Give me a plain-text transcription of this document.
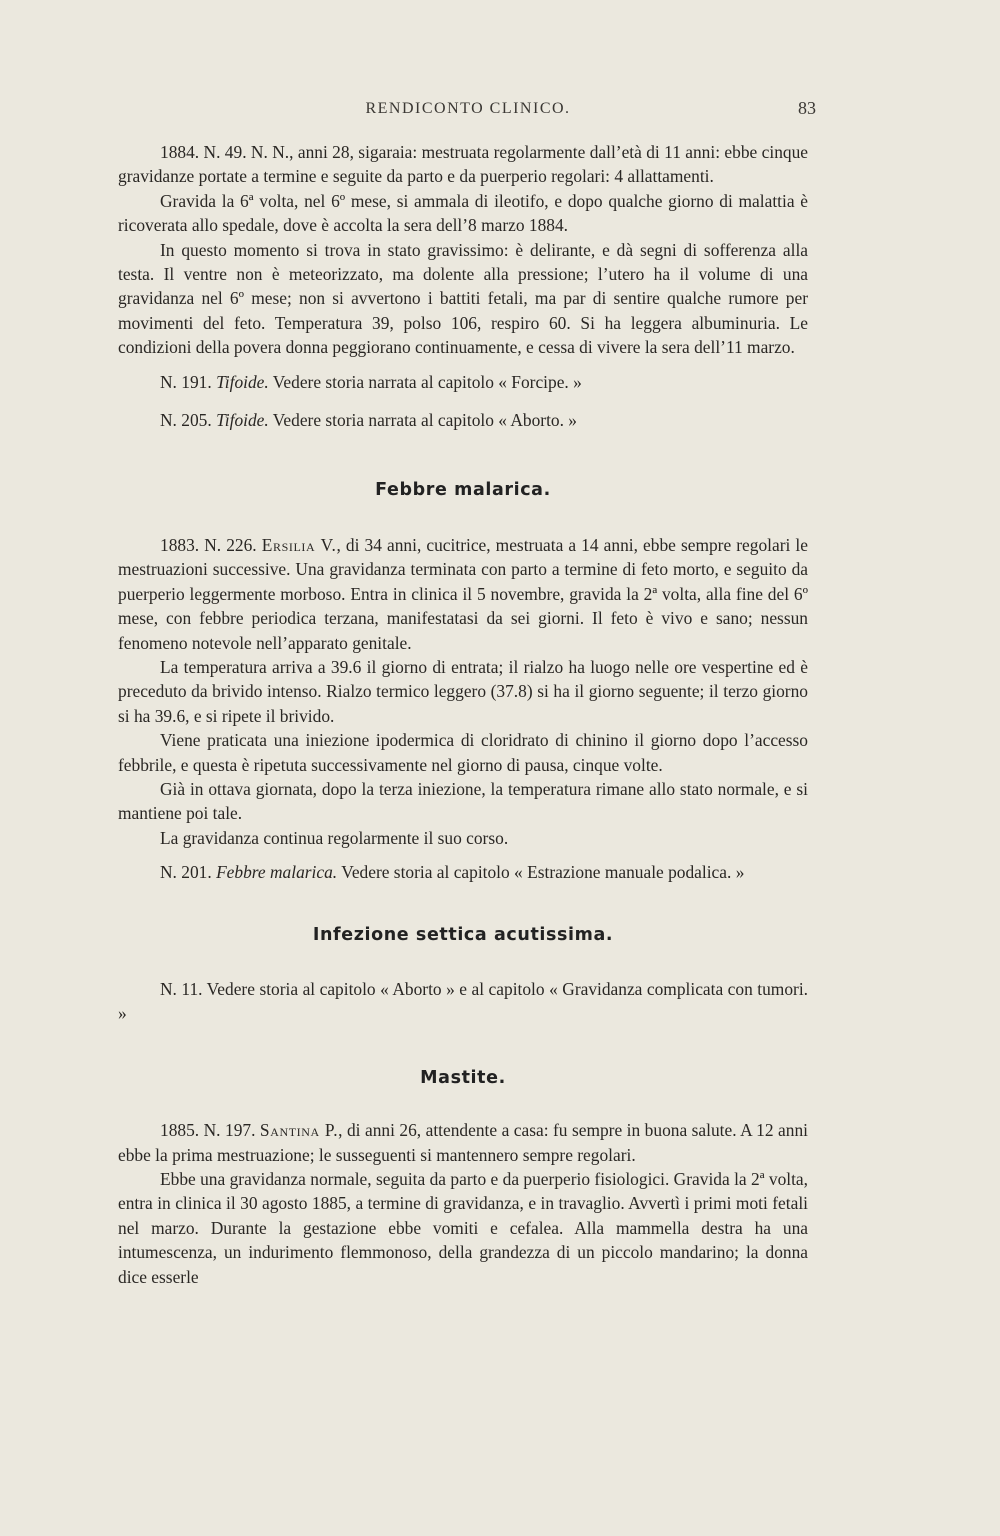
RENDICONTO CLINICO.	83

1884. N. 49. N. N., anni 28, sigaraia: mestruata regolarmente dall’età di 11 anni: ebbe cinque gravidanze portate a termine e seguite da parto e da puerperio regolari: 4 allattamenti.

Gravida la 6ª volta, nel 6º mese, si ammala di ileotifo, e dopo qualche giorno di malattia è ricoverata allo spedale, dove è accolta la sera dell’8 marzo 1884.

In questo momento si trova in stato gravissimo: è delirante, e dà segni di sofferenza alla testa. Il ventre non è meteorizzato, ma dolente alla pressione; l’utero ha il volume di una gravidanza nel 6º mese; non si avvertono i battiti fetali, ma par di sentire qualche rumore per movimenti del feto. Temperatura 39, polso 106, respiro 60. Si ha leggera albuminuria. Le condizioni della povera donna peggiorano continuamente, e cessa di vivere la sera dell’11 marzo.

N. 191. Tifoide. Vedere storia narrata al capitolo « Forcipe. »

N. 205. Tifoide. Vedere storia narrata al capitolo « Aborto. »

Febbre malarica.

1883. N. 226. Ersilia V., di 34 anni, cucitrice, mestruata a 14 anni, ebbe sempre regolari le mestruazioni successive. Una gravidanza terminata con parto a termine di feto morto, e seguito da puerperio leggermente morboso. Entra in clinica il 5 novembre, gravida la 2ª volta, alla fine del 6º mese, con febbre periodica terzana, manifestatasi da sei giorni. Il feto è vivo e sano; nessun fenomeno notevole nell’apparato genitale.

La temperatura arriva a 39.6 il giorno di entrata; il rialzo ha luogo nelle ore vespertine ed è preceduto da brivido intenso. Rialzo termico leggero (37.8) si ha il giorno seguente; il terzo giorno si ha 39.6, e si ripete il brivido.

Viene praticata una iniezione ipodermica di cloridrato di chinino il giorno dopo l’accesso febbrile, e questa è ripetuta successivamente nel giorno di pausa, cinque volte.

Già in ottava giornata, dopo la terza iniezione, la temperatura rimane allo stato normale, e si mantiene poi tale.

La gravidanza continua regolarmente il suo corso.

N. 201. Febbre malarica. Vedere storia al capitolo « Estrazione manuale podalica. »

Infezione settica acutissima.

N. 11. Vedere storia al capitolo « Aborto » e al capitolo « Gravidanza complicata con tumori. »

Mastite.

1885. N. 197. Santina P., di anni 26, attendente a casa: fu sempre in buona salute. A 12 anni ebbe la prima mestruazione; le susseguenti si mantennero sempre regolari.

Ebbe una gravidanza normale, seguita da parto e da puerperio fisiologici. Gravida la 2ª volta, entra in clinica il 30 agosto 1885, a termine di gravidanza, e in travaglio. Avvertì i primi moti fetali nel marzo. Durante la gestazione ebbe vomiti e cefalea. Alla mammella destra ha una intumescenza, un indurimento flemmonoso, della grandezza di un piccolo mandarino; la donna dice esserle
